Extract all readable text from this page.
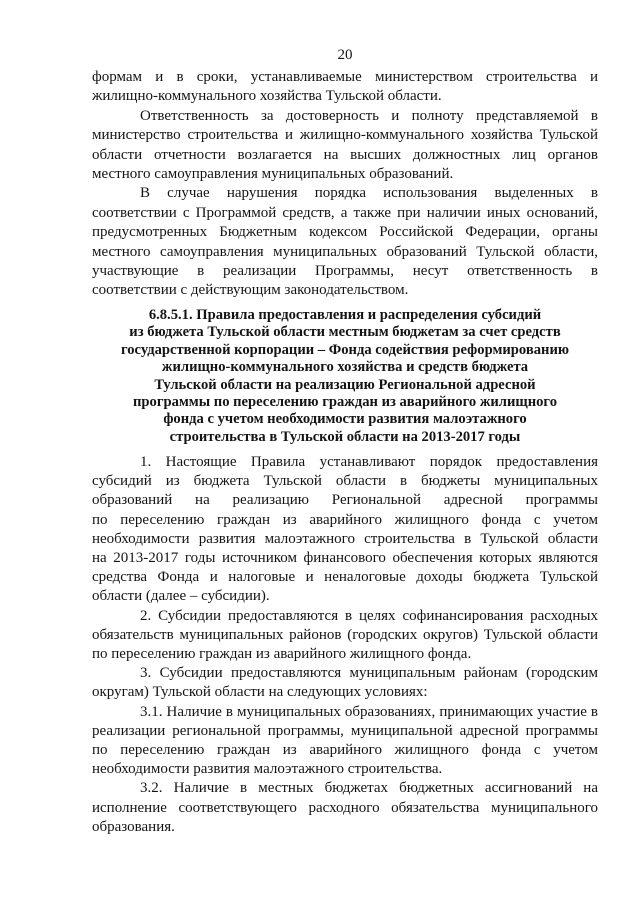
20
формам и в сроки, устанавливаемые министерством строительства и
жилищно-коммунального хозяйства Тульской области.
Ответственность за достоверность и полноту представляемой в
министерство строительства и жилищно-коммунального хозяйства Тульской
области отчетности возлагается на высших должностных лиц органов
местного самоуправления муниципальных образований.
В случае нарушения порядка использования выделенных в
соответствии с Программой средств, а также при наличии иных оснований,
предусмотренных Бюджетным кодексом Российской Федерации, органы
местного самоуправления муниципальных образований Тульской области,
участвующие в реализации Программы, несут ответственность в
соответствии с действующим законодательством.
6.8.5.1. Правила предоставления и распределения субсидий
из бюджета Тульской области местным бюджетам за счет средств
государственной корпорации – Фонда содействия реформированию
жилищно-коммунального хозяйства и средств бюджета
Тульской области на реализацию Региональной адресной
программы по переселению граждан из аварийного жилищного
фонда с учетом необходимости развития малоэтажного
строительства в Тульской области на 2013-2017 годы
1. Настоящие Правила устанавливают порядок предоставления
субсидий из бюджета Тульской области в бюджеты муниципальных
образований на реализацию Региональной адресной программы
по переселению граждан из аварийного жилищного фонда с учетом
необходимости развития малоэтажного строительства в Тульской области
на 2013-2017 годы источником финансового обеспечения которых являются
средства Фонда и налоговые и неналоговые доходы бюджета Тульской
области (далее – субсидии).
2. Субсидии предоставляются в целях софинансирования расходных
обязательств муниципальных районов (городских округов) Тульской области
по переселению граждан из аварийного жилищного фонда.
3. Субсидии предоставляются муниципальным районам (городским
округам) Тульской области на следующих условиях:
3.1. Наличие в муниципальных образованиях, принимающих участие в
реализации региональной программы, муниципальной адресной программы
по переселению граждан из аварийного жилищного фонда с учетом
необходимости развития малоэтажного строительства.
3.2. Наличие в местных бюджетах бюджетных ассигнований на
исполнение соответствующего расходного обязательства муниципального
образования.
